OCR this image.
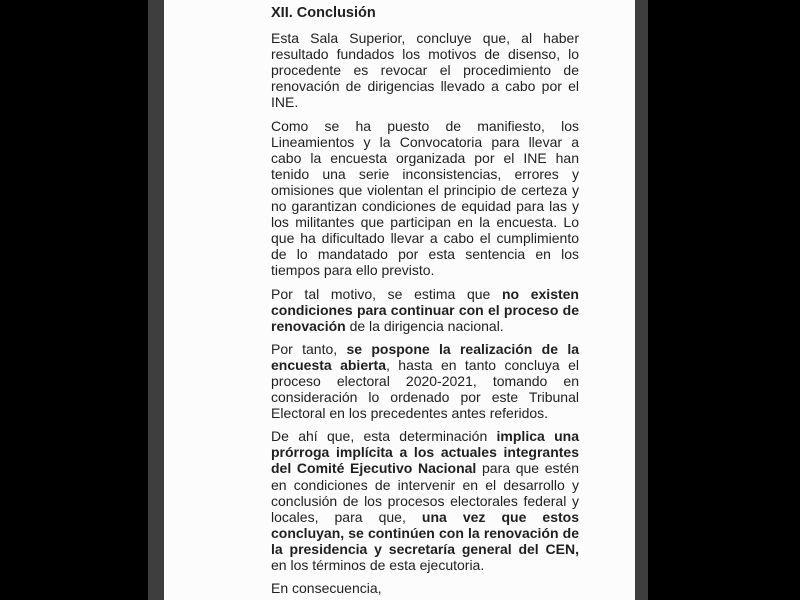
XII. Conclusión

Esta Sala Superior, concluye que, al haber resultado fundados los motivos de disenso, lo procedente es revocar el procedimiento de renovación de dirigencias llevado a cabo por el INE.

Como se ha puesto de manifiesto, los Lineamientos y la Convocatoria para llevar a cabo la encuesta organizada por el INE han tenido una serie inconsistencias, errores y omisiones que violentan el principio de certeza y no garantizan condiciones de equidad para las y los militantes que participan en la encuesta. Lo que ha dificultado llevar a cabo el cumplimiento de lo mandatado por esta sentencia en los tiempos para ello previsto.

Por tal motivo, se estima que no existen condiciones para continuar con el proceso de renovación de la dirigencia nacional.

Por tanto, se pospone la realización de la encuesta abierta, hasta en tanto concluya el proceso electoral 2020-2021, tomando en consideración lo ordenado por este Tribunal Electoral en los precedentes antes referidos.

De ahí que, esta determinación implica una prórroga implícita a los actuales integrantes del Comité Ejecutivo Nacional para que estén en condiciones de intervenir en el desarrollo y conclusión de los procesos electorales federal y locales, para que, una vez que estos concluyan, se continúen con la renovación de la presidencia y secretaría general del CEN, en los términos de esta ejecutoria.

En consecuencia,
